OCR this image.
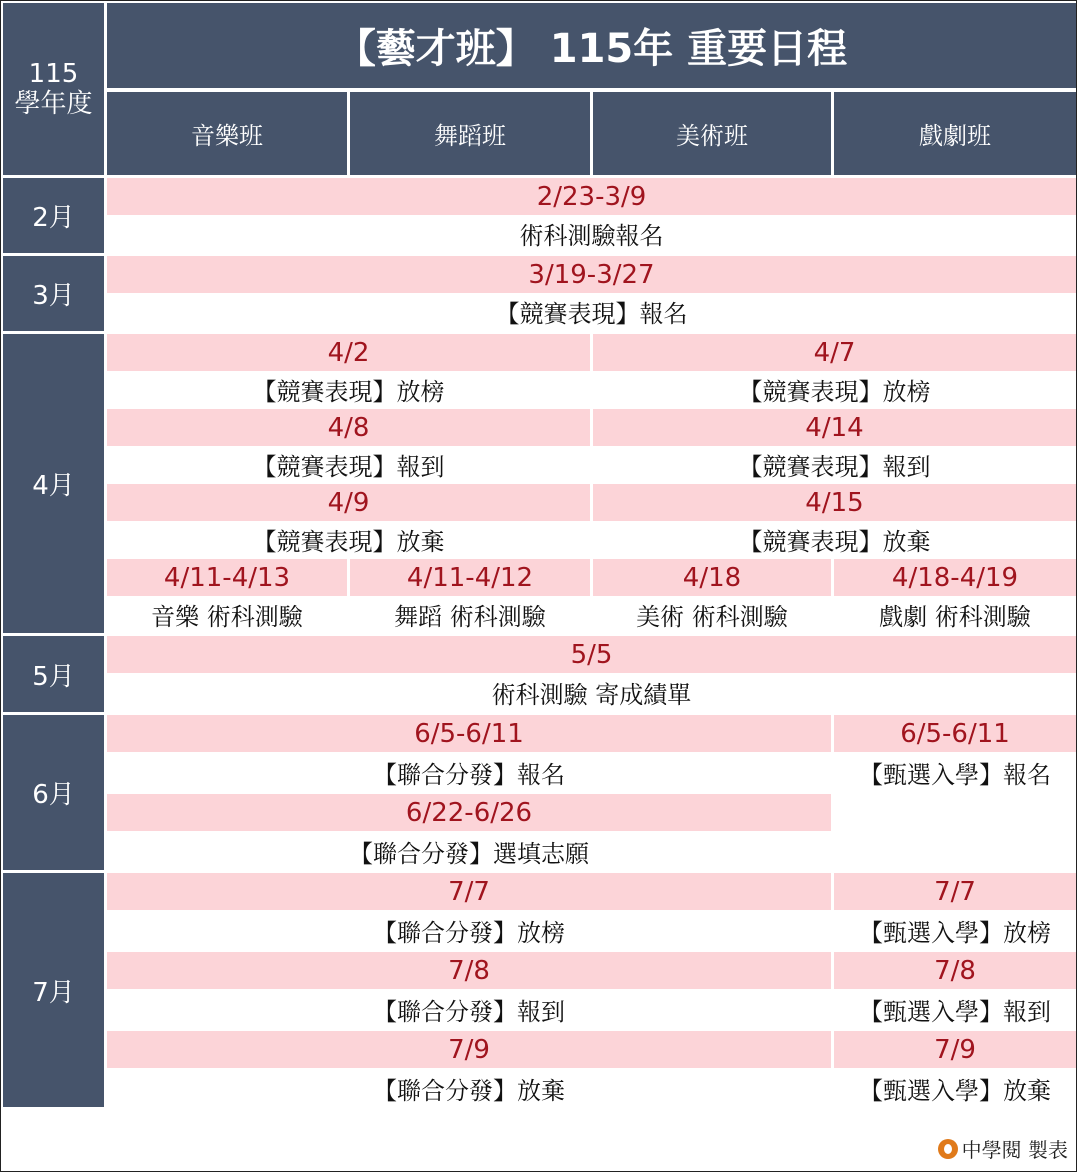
115
學年度
【藝才班】 115年 重要日程
音樂班	舞蹈班	美術班	戲劇班
2月
2/23-3/9
術科測驗報名
3月
3/19-3/27
【競賽表現】報名
4月
4/2	4/7
【競賽表現】放榜	【競賽表現】放榜
4/8	4/14
【競賽表現】報到	【競賽表現】報到
4/9	4/15
【競賽表現】放棄	【競賽表現】放棄
4/11-4/13	4/11-4/12	4/18	4/18-4/19
音樂 術科測驗	舞蹈 術科測驗	美術 術科測驗	戲劇 術科測驗
5月
5/5
術科測驗 寄成績單
6月
6/5-6/11	6/5-6/11
【聯合分發】報名	【甄選入學】報名
6/22-6/26
【聯合分發】選填志願
7月
7/7	7/7
【聯合分發】放榜	【甄選入學】放榜
7/8	7/8
【聯合分發】報到	【甄選入學】報到
7/9	7/9
【聯合分發】放棄	【甄選入學】放棄
中學閱 製表
